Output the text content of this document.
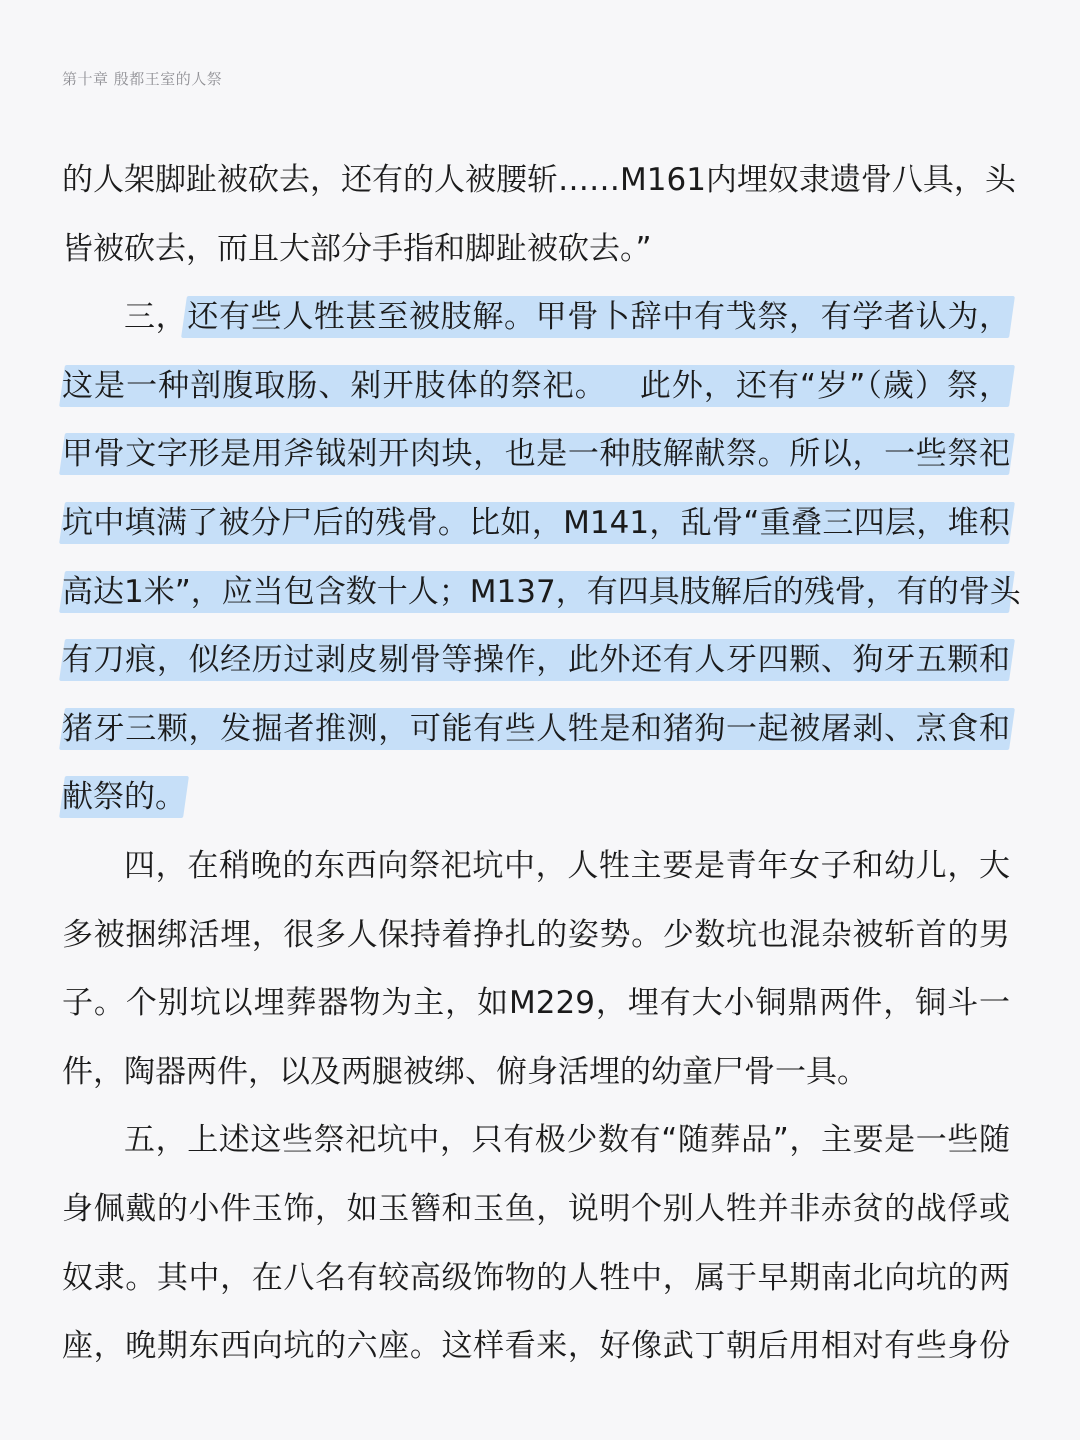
第十章 殷都王室的人祭
的人架脚趾被砍去，还有的人被腰斩……M161内埋奴隶遗骨八具，头
皆被砍去，而且大部分手指和脚趾被砍去。”
三，还有些人牲甚至被肢解。甲骨卜辞中有𢦏祭，有学者认为，
这是一种剖腹取肠、剁开肢体的祭祀。 此外，还有“岁”（歲）祭，
甲骨文字形是用斧钺剁开肉块，也是一种肢解献祭。所以，一些祭祀
坑中填满了被分尸后的残骨。比如，M141，乱骨“重叠三四层，堆积
高达1米”，应当包含数十人；M137，有四具肢解后的残骨，有的骨头
有刀痕，似经历过剥皮剔骨等操作，此外还有人牙四颗、狗牙五颗和
猪牙三颗，发掘者推测，可能有些人牲是和猪狗一起被屠剥、烹食和
献祭的。
四，在稍晚的东西向祭祀坑中，人牲主要是青年女子和幼儿，大
多被捆绑活埋，很多人保持着挣扎的姿势。少数坑也混杂被斩首的男
子。个别坑以埋葬器物为主，如M229，埋有大小铜鼎两件，铜斗一
件，陶器两件，以及两腿被绑、俯身活埋的幼童尸骨一具。
五，上述这些祭祀坑中，只有极少数有“随葬品”，主要是一些随
身佩戴的小件玉饰，如玉簪和玉鱼，说明个别人牲并非赤贫的战俘或
奴隶。其中，在八名有较高级饰物的人牲中，属于早期南北向坑的两
座，晚期东西向坑的六座。这样看来，好像武丁朝后用相对有些身份
